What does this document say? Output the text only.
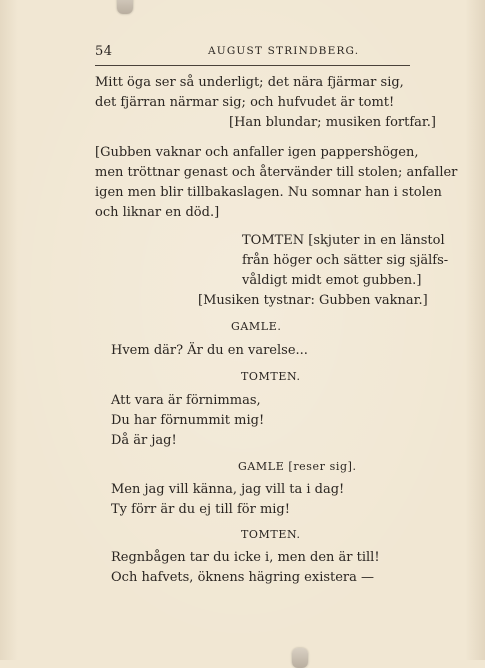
54	AUGUST STRINDBERG.
Mitt öga ser så underligt; det nära fjärmar sig,
det fjärran närmar sig; och hufvudet är tomt!
[Han blundar; musiken fortfar.]
[Gubben vaknar och anfaller igen pappershögen,
men tröttnar genast och återvänder till stolen; anfaller
igen men blir tillbakaslagen. Nu somnar han i stolen
och liknar en död.]
TOMTEN [skjuter in en länstol
från höger och sätter sig själfs-
våldigt midt emot gubben.]
[Musiken tystnar: Gubben vaknar.]
GAMLE.
Hvem där? Är du en varelse...
TOMTEN.
Att vara är förnimmas,
Du har förnummit mig!
Då är jag!
GAMLE [reser sig].
Men jag vill känna, jag vill ta i dag!
Ty förr är du ej till för mig!
TOMTEN.
Regnbågen tar du icke i, men den är till!
Och hafvets, öknens hägring existera —
